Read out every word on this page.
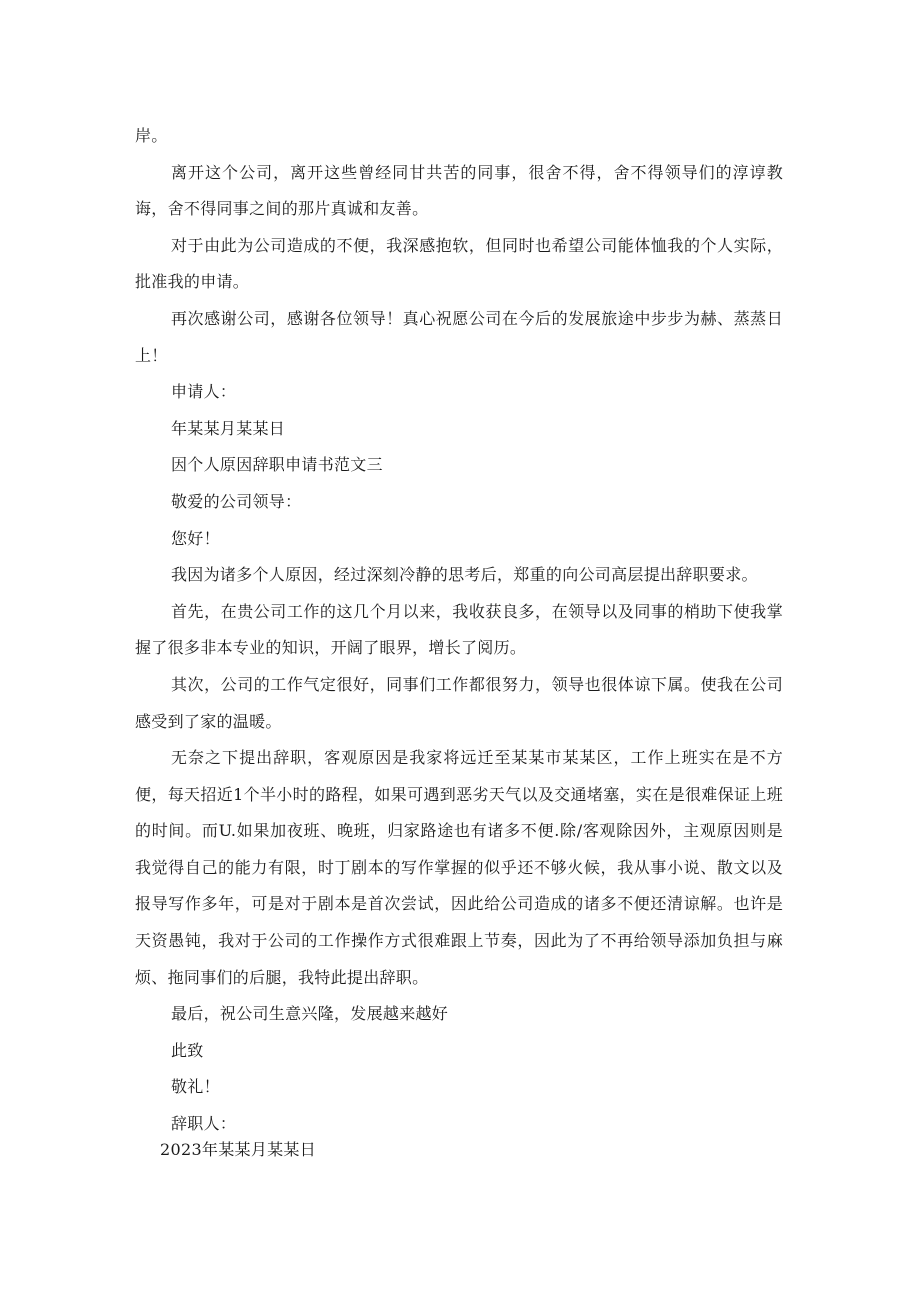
岸。

离开这个公司，离开这些曾经同甘共苦的同事，很舍不得，舍不得领导们的淳谆教诲，舍不得同事之间的那片真诚和友善。

对于由此为公司造成的不便，我深感抱软，但同时也希望公司能体恤我的个人实际，批准我的申请。

再次感谢公司，感谢各位领导！真心祝愿公司在今后的发展旅途中步步为赫、蒸蒸日上！

申请人：

年某某月某某日

因个人原因辞职申请书范文三

敬爱的公司领导：

您好！

我因为诸多个人原因，经过深刻冷静的思考后，郑重的向公司高层提出辞职要求。

首先，在贵公司工作的这几个月以来，我收获良多，在领导以及同事的梢助下使我掌握了很多非本专业的知识，开阔了眼界，增长了阅历。

其次，公司的工作气定很好，同事们工作都很努力，领导也很体谅下属。使我在公司感受到了家的温暖。

无奈之下提出辞职，客观原因是我家将远迁至某某市某某区，工作上班实在是不方便，每天招近1个半小时的路程，如果可遇到恶劣天气以及交通堵塞，实在是很难保证上班的时间。而U.如果加夜班、晚班，归家路途也有诸多不便.除/客观除因外，主观原因则是我觉得自己的能力有限，时丁剧本的写作掌握的似乎还不够火候，我从事小说、散文以及报导写作多年，可是对于剧本是首次尝试，因此给公司造成的诸多不便还清谅解。也许是天资愚钝，我对于公司的工作操作方式很难跟上节奏，因此为了不再给领导添加负担与麻烦、拖同事们的后腿，我特此提出辞职。

最后，祝公司生意兴隆，发展越来越好

此致

敬礼！

辞职人：

2023年某某月某某日
